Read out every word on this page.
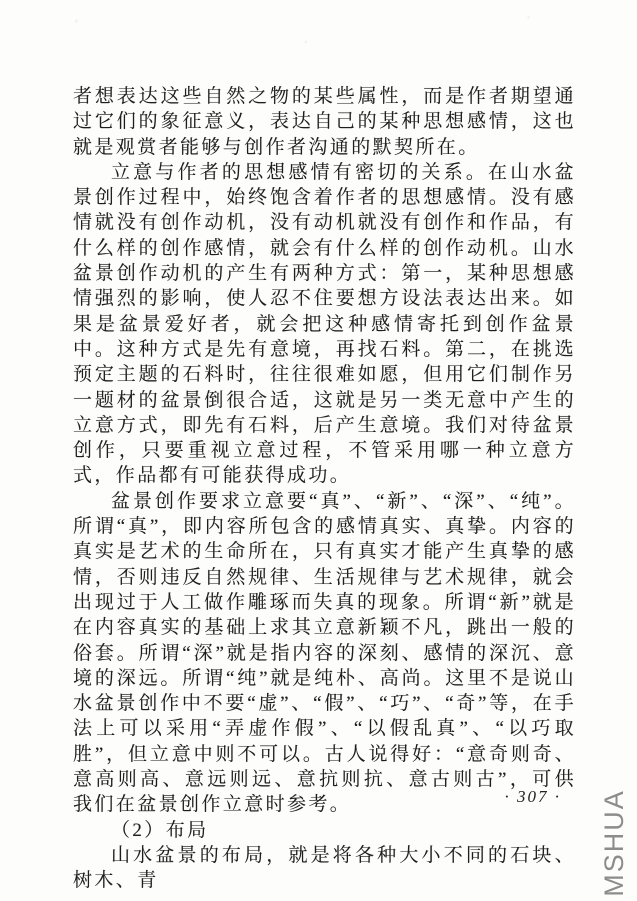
者想表达这些自然之物的某些属性，而是作者期望通过它们的象征意义，表达自己的某种思想感情，这也就是观赏者能够与创作者沟通的默契所在。

立意与作者的思想感情有密切的关系。在山水盆景创作过程中，始终饱含着作者的思想感情。没有感情就没有创作动机，没有动机就没有创作和作品，有什么样的创作感情，就会有什么样的创作动机。山水盆景创作动机的产生有两种方式：第一，某种思想感情强烈的影响，使人忍不住要想方设法表达出来。如果是盆景爱好者，就会把这种感情寄托到创作盆景中。这种方式是先有意境，再找石料。第二，在挑选预定主题的石料时，往往很难如愿，但用它们制作另一题材的盆景倒很合适，这就是另一类无意中产生的立意方式，即先有石料，后产生意境。我们对待盆景创作，只要重视立意过程，不管采用哪一种立意方式，作品都有可能获得成功。

盆景创作要求立意要“真”、“新”、“深”、“纯”。所谓“真”，即内容所包含的感情真实、真挚。内容的真实是艺术的生命所在，只有真实才能产生真挚的感情，否则违反自然规律、生活规律与艺术规律，就会出现过于人工做作雕琢而失真的现象。所谓“新”就是在内容真实的基础上求其立意新颖不凡，跳出一般的俗套。所谓“深”就是指内容的深刻、感情的深沉、意境的深远。所谓“纯”就是纯朴、高尚。这里不是说山水盆景创作中不要“虚”、“假”、“巧”、“奇”等，在手法上可以采用“弄虚作假”、“以假乱真”、“以巧取胜”，但立意中则不可以。古人说得好：“意奇则奇、意高则高、意远则远、意抗则抗、意古则古”，可供我们在盆景创作立意时参考。

（2）布局

山水盆景的布局，就是将各种大小不同的石块、树木、青

· 307 · MSHUA
